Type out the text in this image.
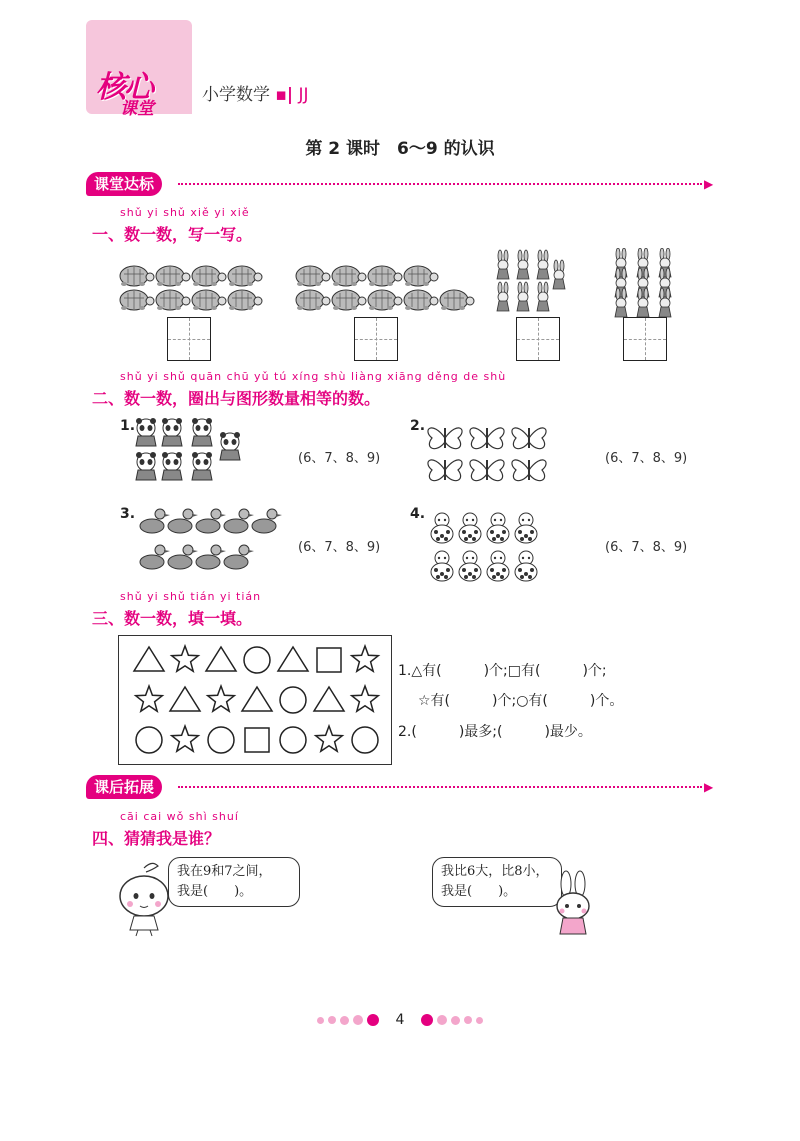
核心
课堂
小学数学 ▪| JJ
第 2 课时　6～9 的认识
课堂达标	▶
shǔ yi shǔ xiě yi xiě
一、数一数，写一写。
shǔ yi shǔ quān chū yǔ tú xíng shù liàng xiāng děng de shù
二、数一数，圈出与图形数量相等的数。
1.	2.
3.	4.
(6、7、8、9)	(6、7、8、9)
(6、7、8、9)	(6、7、8、9)
shǔ yi shǔ tián yi tián
三、数一数，填一填。
1.△有(　　　)个;□有(　　　)个;
☆有(　　　)个;○有(　　　)个。
2.(　　　)最多;(　　　)最少。
课后拓展	▶
cāi cai wǒ shì shuí
四、猜猜我是谁？
我在9和7之间，
我是(　　)。
我比6大，比8小，
我是(　　)。
4
